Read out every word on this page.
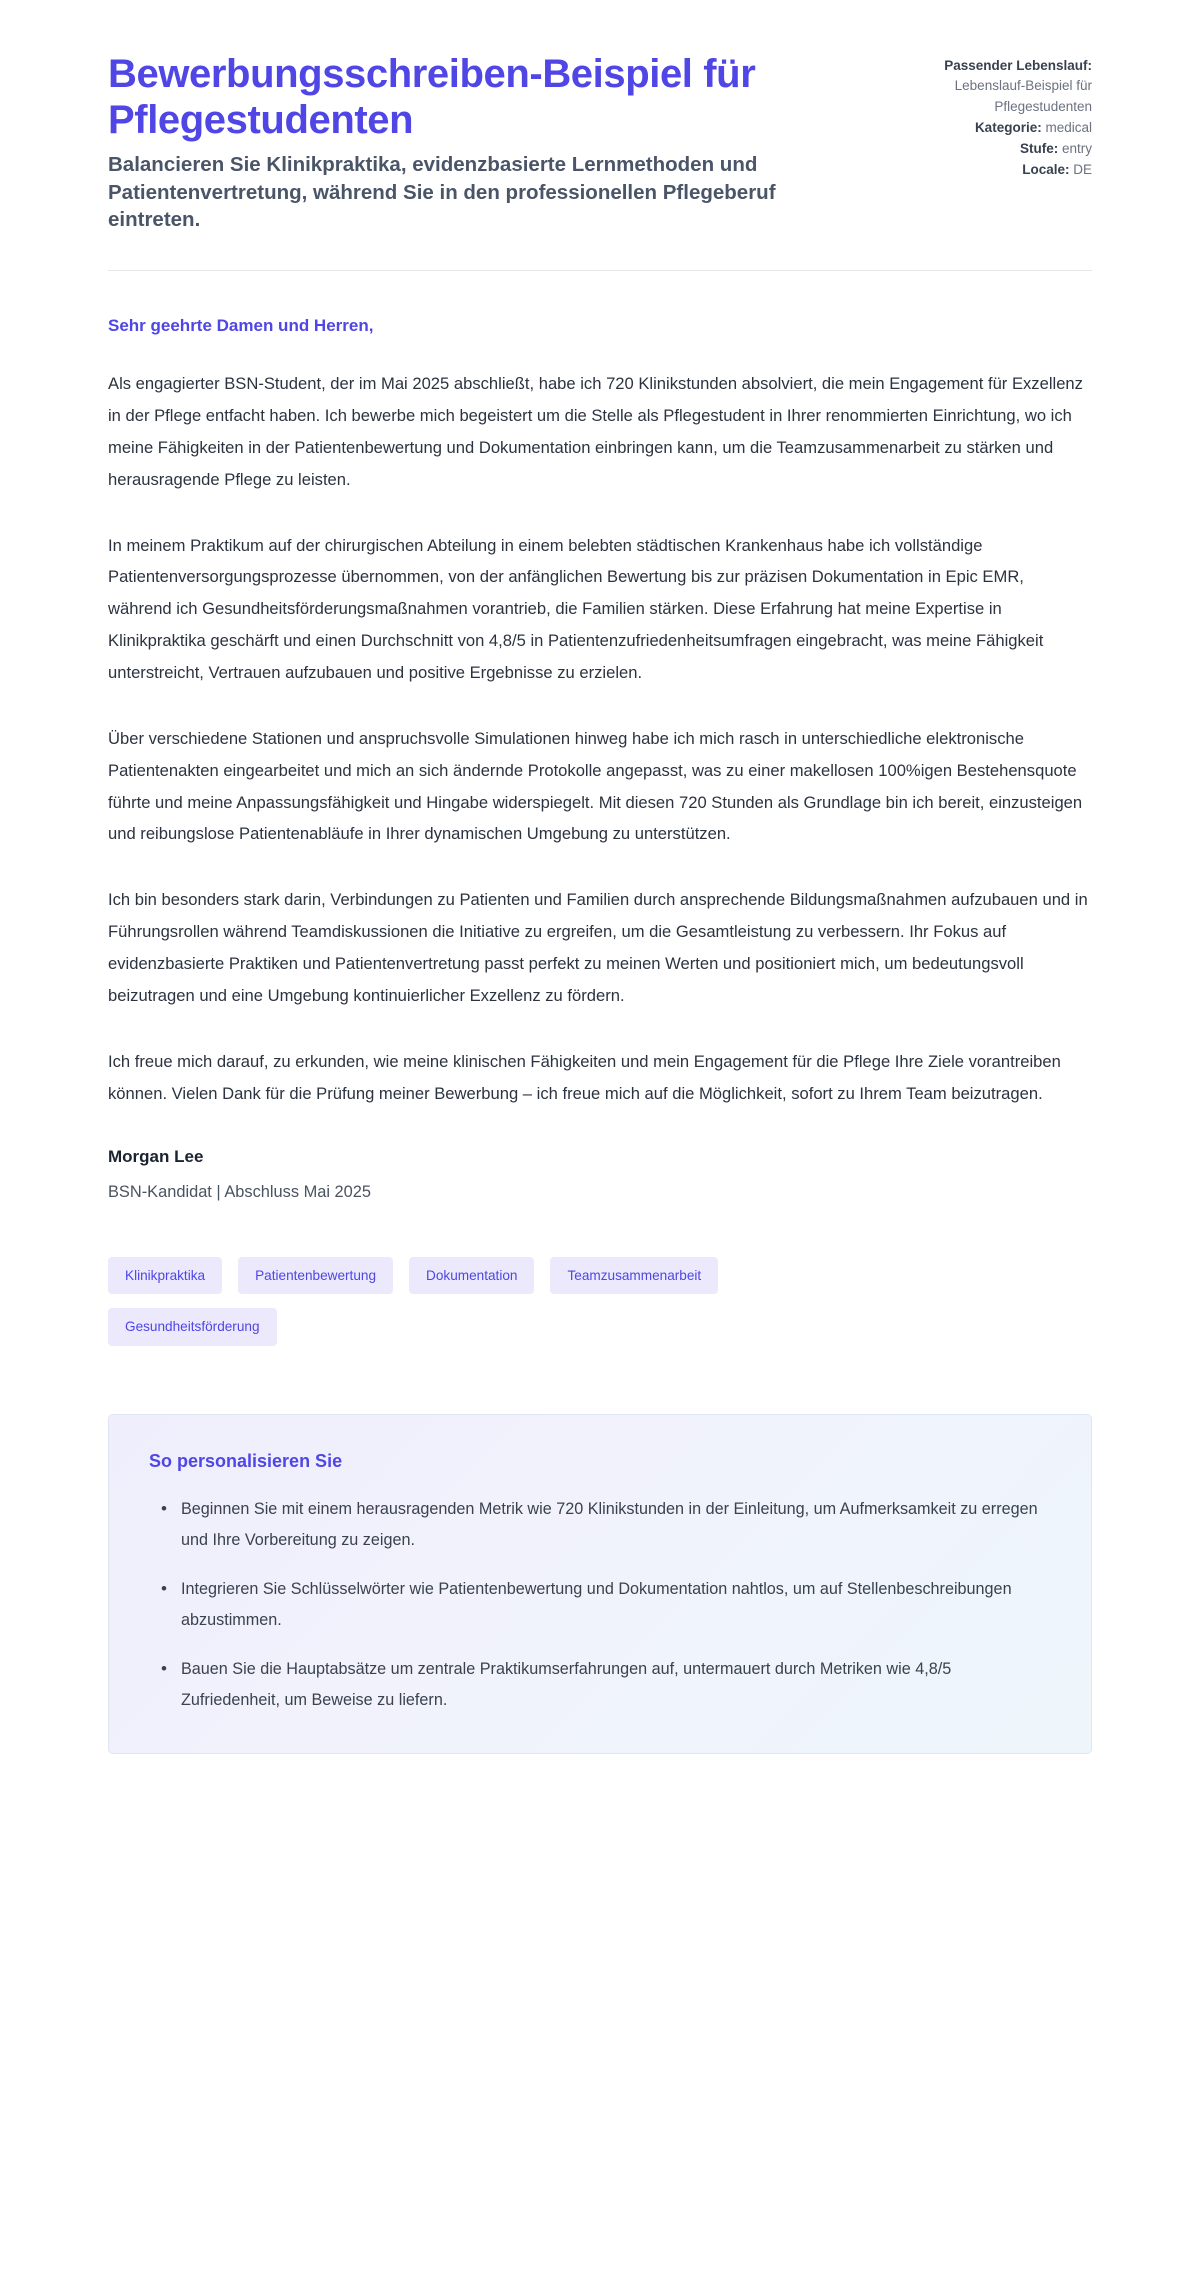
Bewerbungsschreiben-Beispiel für Pflegestudenten

Balancieren Sie Klinikpraktika, evidenzbasierte Lernmethoden und Patientenvertretung, während Sie in den professionellen Pflegeberuf eintreten.

Passender Lebenslauf:
Lebenslauf-Beispiel für Pflegestudenten
Kategorie: medical
Stufe: entry
Locale: DE

Sehr geehrte Damen und Herren,

Als engagierter BSN-Student, der im Mai 2025 abschließt, habe ich 720 Klinikstunden absolviert, die mein Engagement für Exzellenz in der Pflege entfacht haben. Ich bewerbe mich begeistert um die Stelle als Pflegestudent in Ihrer renommierten Einrichtung, wo ich meine Fähigkeiten in der Patientenbewertung und Dokumentation einbringen kann, um die Teamzusammenarbeit zu stärken und herausragende Pflege zu leisten.

In meinem Praktikum auf der chirurgischen Abteilung in einem belebten städtischen Krankenhaus habe ich vollständige Patientenversorgungsprozesse übernommen, von der anfänglichen Bewertung bis zur präzisen Dokumentation in Epic EMR, während ich Gesundheitsförderungsmaßnahmen vorantrieb, die Familien stärken. Diese Erfahrung hat meine Expertise in Klinikpraktika geschärft und einen Durchschnitt von 4,8/5 in Patientenzufriedenheitsumfragen eingebracht, was meine Fähigkeit unterstreicht, Vertrauen aufzubauen und positive Ergebnisse zu erzielen.

Über verschiedene Stationen und anspruchsvolle Simulationen hinweg habe ich mich rasch in unterschiedliche elektronische Patientenakten eingearbeitet und mich an sich ändernde Protokolle angepasst, was zu einer makellosen 100%igen Bestehensquote führte und meine Anpassungsfähigkeit und Hingabe widerspiegelt. Mit diesen 720 Stunden als Grundlage bin ich bereit, einzusteigen und reibungslose Patientenabläufe in Ihrer dynamischen Umgebung zu unterstützen.

Ich bin besonders stark darin, Verbindungen zu Patienten und Familien durch ansprechende Bildungsmaßnahmen aufzubauen und in Führungsrollen während Teamdiskussionen die Initiative zu ergreifen, um die Gesamtleistung zu verbessern. Ihr Fokus auf evidenzbasierte Praktiken und Patientenvertretung passt perfekt zu meinen Werten und positioniert mich, um bedeutungsvoll beizutragen und eine Umgebung kontinuierlicher Exzellenz zu fördern.

Ich freue mich darauf, zu erkunden, wie meine klinischen Fähigkeiten und mein Engagement für die Pflege Ihre Ziele vorantreiben können. Vielen Dank für die Prüfung meiner Bewerbung – ich freue mich auf die Möglichkeit, sofort zu Ihrem Team beizutragen.

Morgan Lee

BSN-Kandidat | Abschluss Mai 2025

Klinikpraktika	Patientenbewertung	Dokumentation	Teamzusammenarbeit
Gesundheitsförderung

So personalisieren Sie

• Beginnen Sie mit einem herausragenden Metrik wie 720 Klinikstunden in der Einleitung, um Aufmerksamkeit zu erregen und Ihre Vorbereitung zu zeigen.
• Integrieren Sie Schlüsselwörter wie Patientenbewertung und Dokumentation nahtlos, um auf Stellenbeschreibungen abzustimmen.
• Bauen Sie die Hauptabsätze um zentrale Praktikumserfahrungen auf, untermauert durch Metriken wie 4,8/5 Zufriedenheit, um Beweise zu liefern.
